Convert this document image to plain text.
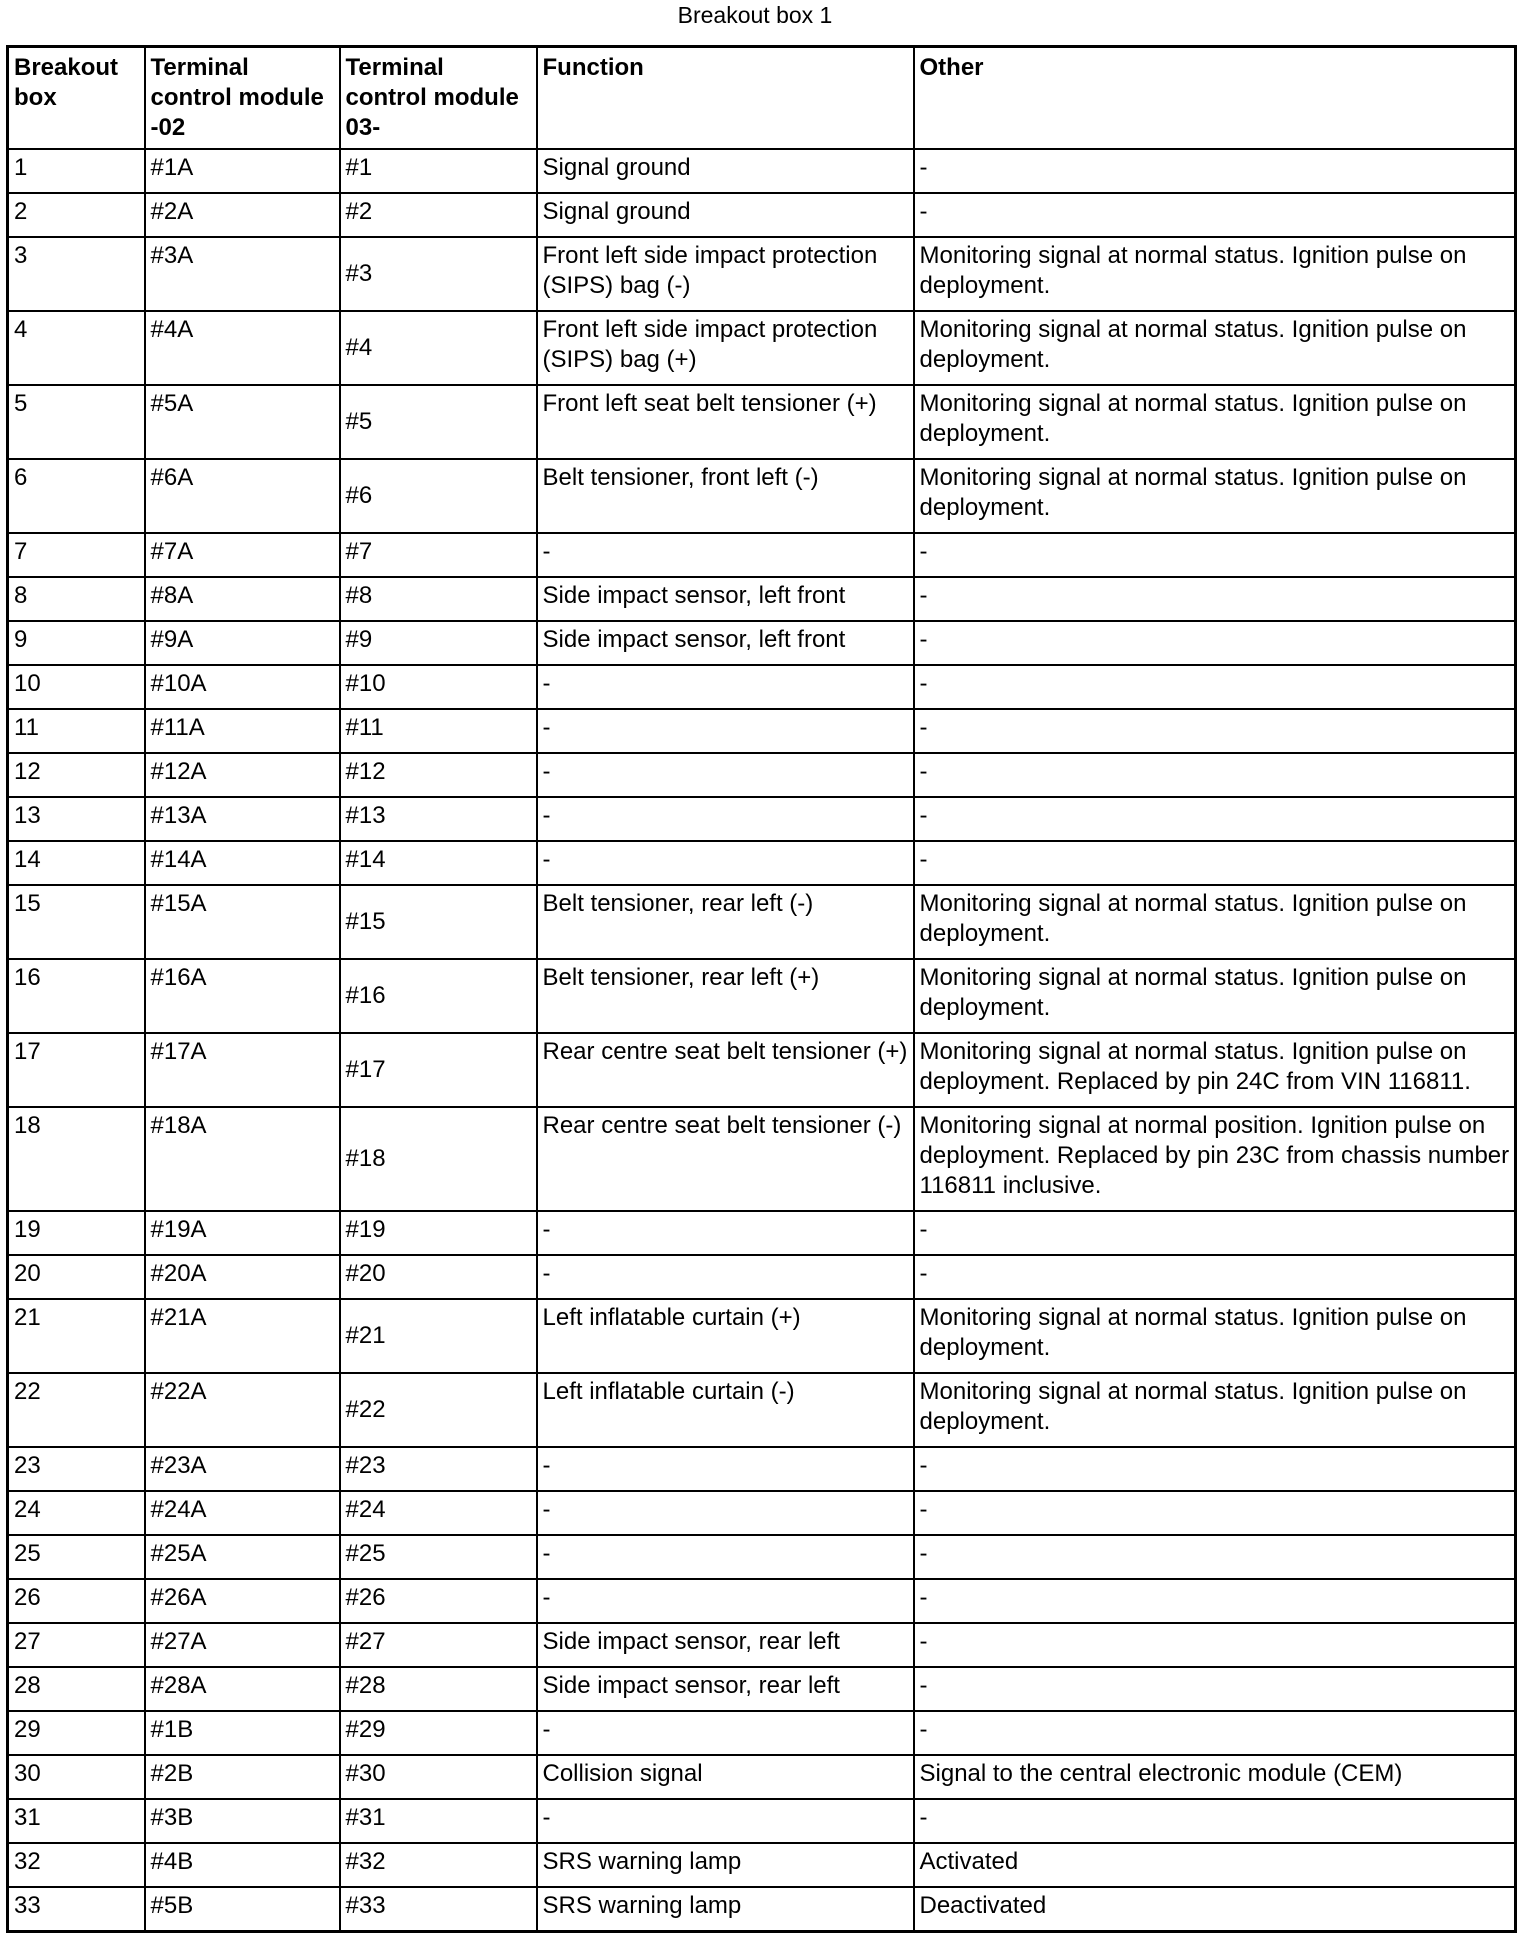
Breakout box 1
Breakout box	Terminal control module -02	Terminal control module 03-	Function	Other
1	#1A	#1	Signal ground	-
2	#2A	#2	Signal ground	-
3	#3A	#3	Front left side impact protection (SIPS) bag (-)	Monitoring signal at normal status. Ignition pulse on deployment.
4	#4A	#4	Front left side impact protection (SIPS) bag (+)	Monitoring signal at normal status. Ignition pulse on deployment.
5	#5A	#5	Front left seat belt tensioner (+)	Monitoring signal at normal status. Ignition pulse on deployment.
6	#6A	#6	Belt tensioner, front left (-)	Monitoring signal at normal status. Ignition pulse on deployment.
7	#7A	#7	-	-
8	#8A	#8	Side impact sensor, left front	-
9	#9A	#9	Side impact sensor, left front	-
10	#10A	#10	-	-
11	#11A	#11	-	-
12	#12A	#12	-	-
13	#13A	#13	-	-
14	#14A	#14	-	-
15	#15A	#15	Belt tensioner, rear left (-)	Monitoring signal at normal status. Ignition pulse on deployment.
16	#16A	#16	Belt tensioner, rear left (+)	Monitoring signal at normal status. Ignition pulse on deployment.
17	#17A	#17	Rear centre seat belt tensioner (+)	Monitoring signal at normal status. Ignition pulse on deployment. Replaced by pin 24C from VIN 116811.
18	#18A	#18	Rear centre seat belt tensioner (-)	Monitoring signal at normal position. Ignition pulse on deployment. Replaced by pin 23C from chassis number 116811 inclusive.
19	#19A	#19	-	-
20	#20A	#20	-	-
21	#21A	#21	Left inflatable curtain (+)	Monitoring signal at normal status. Ignition pulse on deployment.
22	#22A	#22	Left inflatable curtain (-)	Monitoring signal at normal status. Ignition pulse on deployment.
23	#23A	#23	-	-
24	#24A	#24	-	-
25	#25A	#25	-	-
26	#26A	#26	-	-
27	#27A	#27	Side impact sensor, rear left	-
28	#28A	#28	Side impact sensor, rear left	-
29	#1B	#29	-	-
30	#2B	#30	Collision signal	Signal to the central electronic module (CEM)
31	#3B	#31	-	-
32	#4B	#32	SRS warning lamp	Activated
33	#5B	#33	SRS warning lamp	Deactivated
